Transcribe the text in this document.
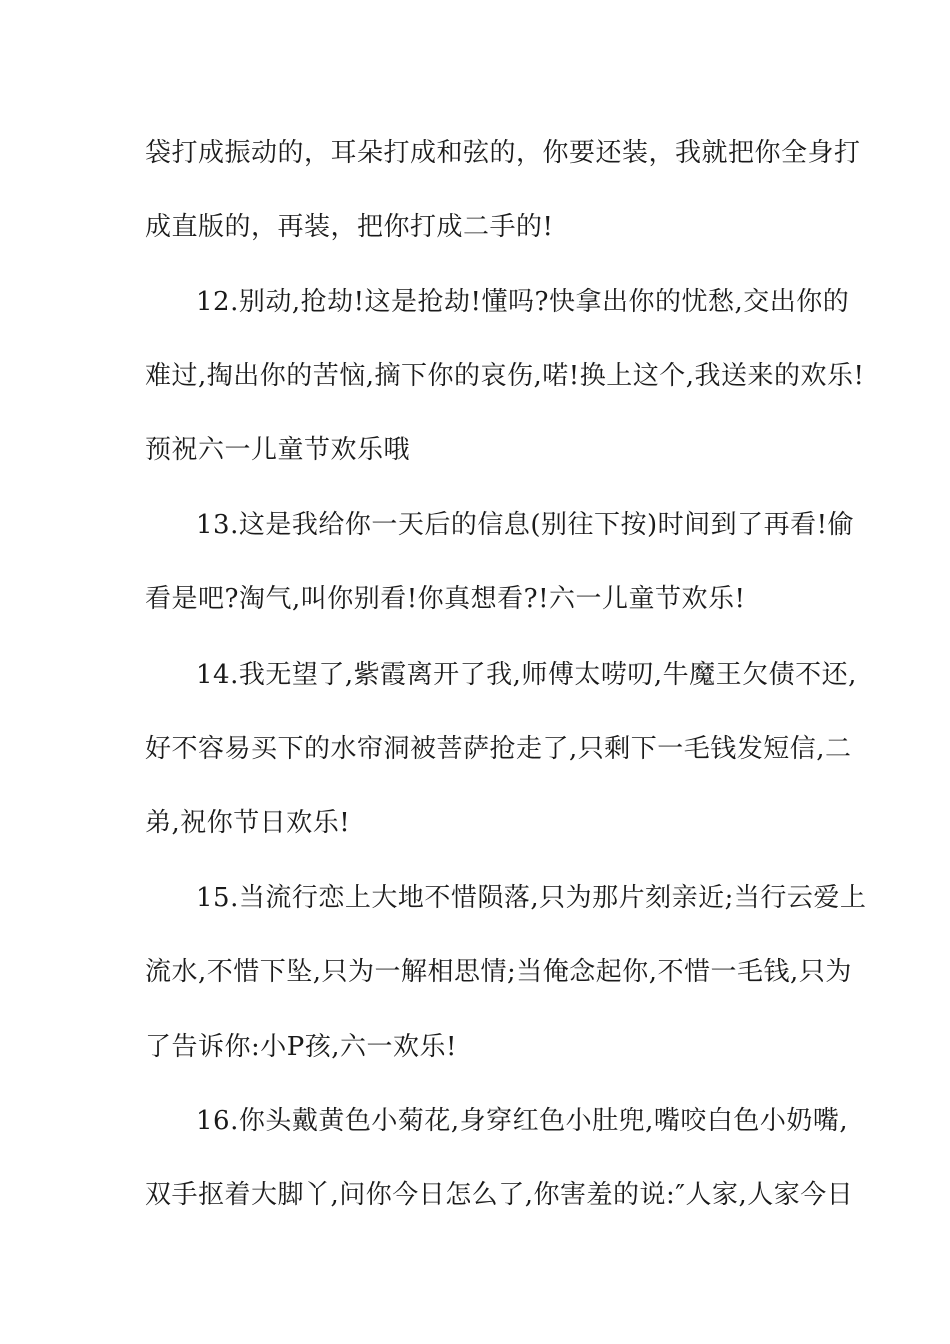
袋打成振动的，耳朵打成和弦的，你要还装，我就把你全身打
成直版的，再装，把你打成二手的!
12.别动,抢劫!这是抢劫!懂吗?快拿出你的忧愁,交出你的
难过,掏出你的苦恼,摘下你的哀伤,喏!换上这个,我送来的欢乐!
预祝六一儿童节欢乐哦
13.这是我给你一天后的信息(别往下按)时间到了再看!偷
看是吧?淘气,叫你别看!你真想看?!六一儿童节欢乐!
14.我无望了,紫霞离开了我,师傅太唠叨,牛魔王欠债不还,
好不容易买下的水帘洞被菩萨抢走了,只剩下一毛钱发短信,二
弟,祝你节日欢乐!
15.当流行恋上大地不惜陨落,只为那片刻亲近;当行云爱上
流水,不惜下坠,只为一解相思情;当俺念起你,不惜一毛钱,只为
了告诉你:小P孩,六一欢乐!
16.你头戴黄色小菊花,身穿红色小肚兜,嘴咬白色小奶嘴,
双手抠着大脚丫,问你今日怎么了,你害羞的说:″人家,人家今日
